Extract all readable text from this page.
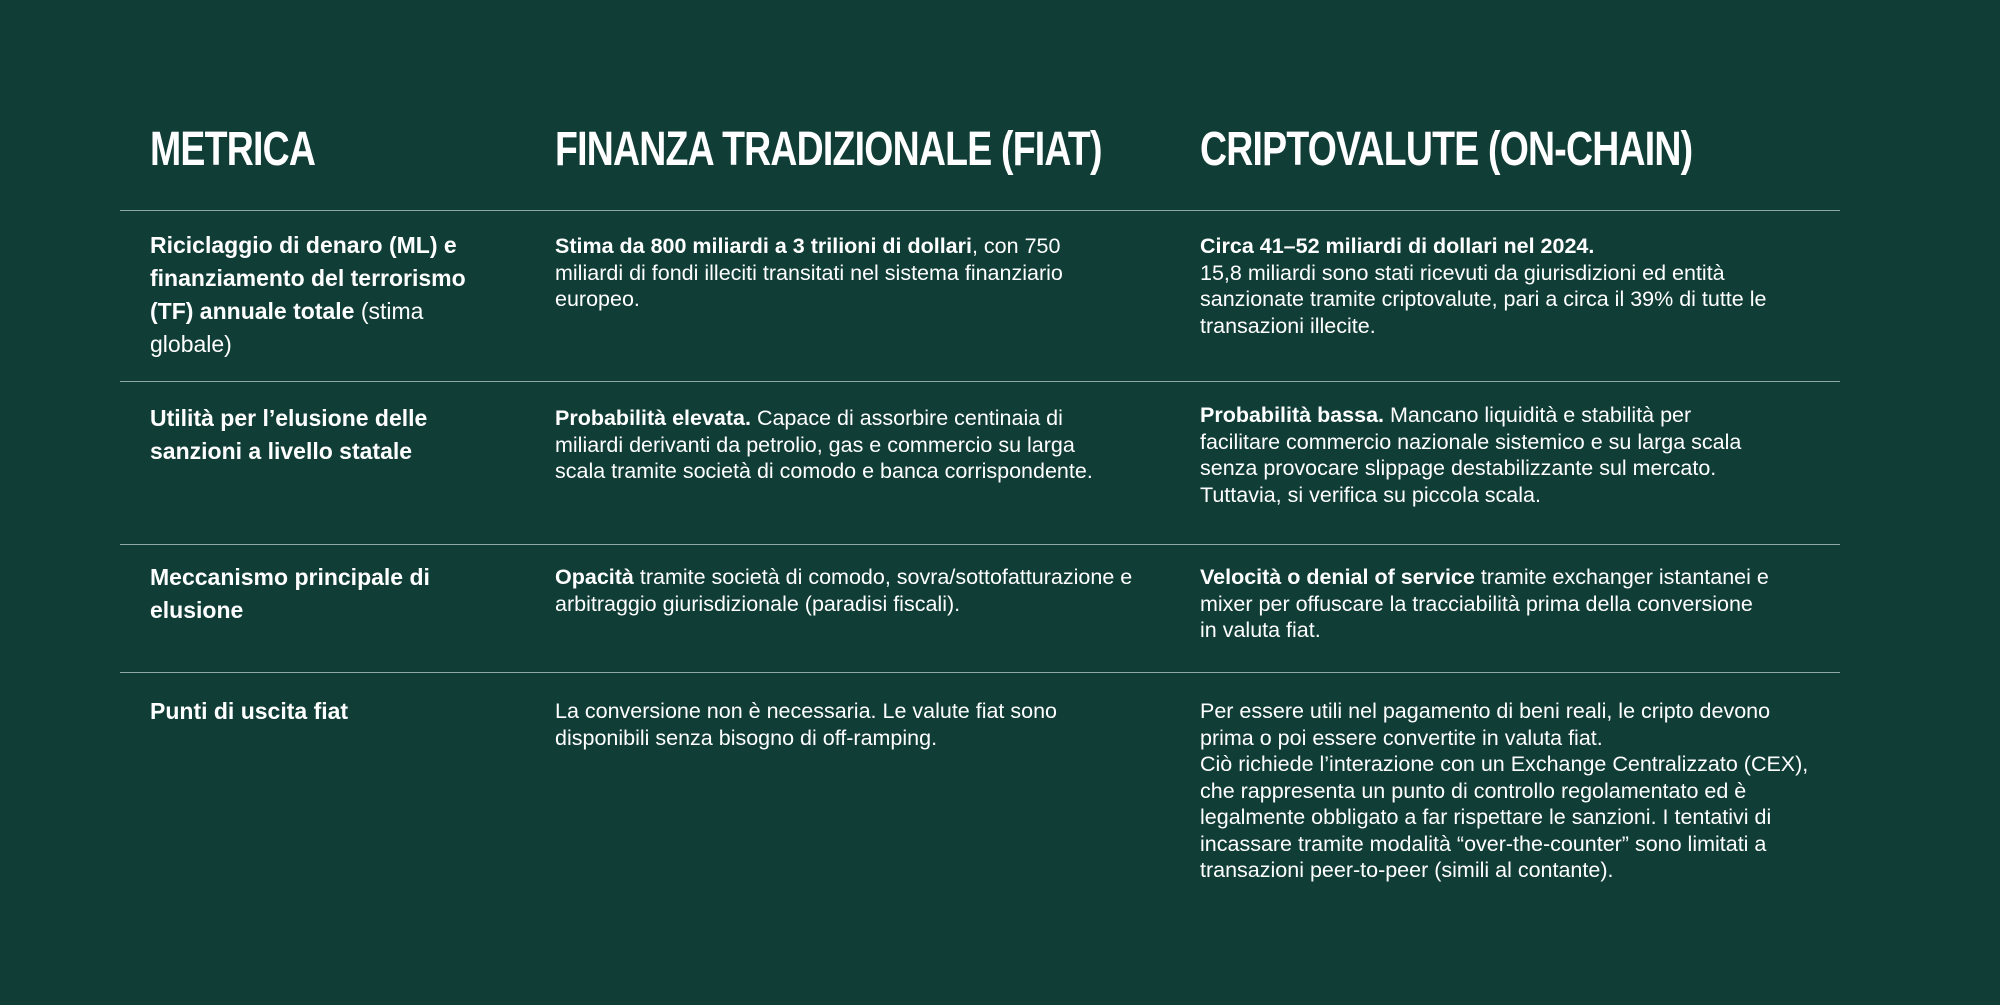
METRICA	FINANZA TRADIZIONALE (FIAT) CRIPTOVALUTE (ON-CHAIN)
Riciclaggio di denaro (ML) e finanziamento del terrorismo (TF) annuale totale (stima globale)
Stima da 800 miliardi a 3 trilioni di dollari, con 750 miliardi di fondi illeciti transitati nel sistema finanziario europeo.
Circa 41–52 miliardi di dollari nel 2024.
15,8 miliardi sono stati ricevuti da giurisdizioni ed entità sanzionate tramite criptovalute, pari a circa il 39% di tutte le transazioni illecite.
Utilità per l’elusione delle sanzioni a livello statale
Probabilità elevata. Capace di assorbire centinaia di miliardi derivanti da petrolio, gas e commercio su larga scala tramite società di comodo e banca corrispondente.
Probabilità bassa. Mancano liquidità e stabilità per facilitare commercio nazionale sistemico e su larga scala senza provocare slippage destabilizzante sul mercato. Tuttavia, si verifica su piccola scala.
Meccanismo principale di elusione
Opacità tramite società di comodo, sovra/sottofatturazione e arbitraggio giurisdizionale (paradisi fiscali).
Velocità o denial of service tramite exchanger istantanei e mixer per offuscare la tracciabilità prima della conversione in valuta fiat.
Punti di uscita fiat	La conversione non è necessaria. Le valute fiat sono disponibili senza bisogno di off-ramping.
Per essere utili nel pagamento di beni reali, le cripto devono prima o poi essere convertite in valuta fiat.
Ciò richiede l’interazione con un Exchange Centralizzato (CEX), che rappresenta un punto di controllo regolamentato ed è legalmente obbligato a far rispettare le sanzioni. I tentativi di incassare tramite modalità “over-the-counter” sono limitati a transazioni peer-to-peer (simili al contante).
